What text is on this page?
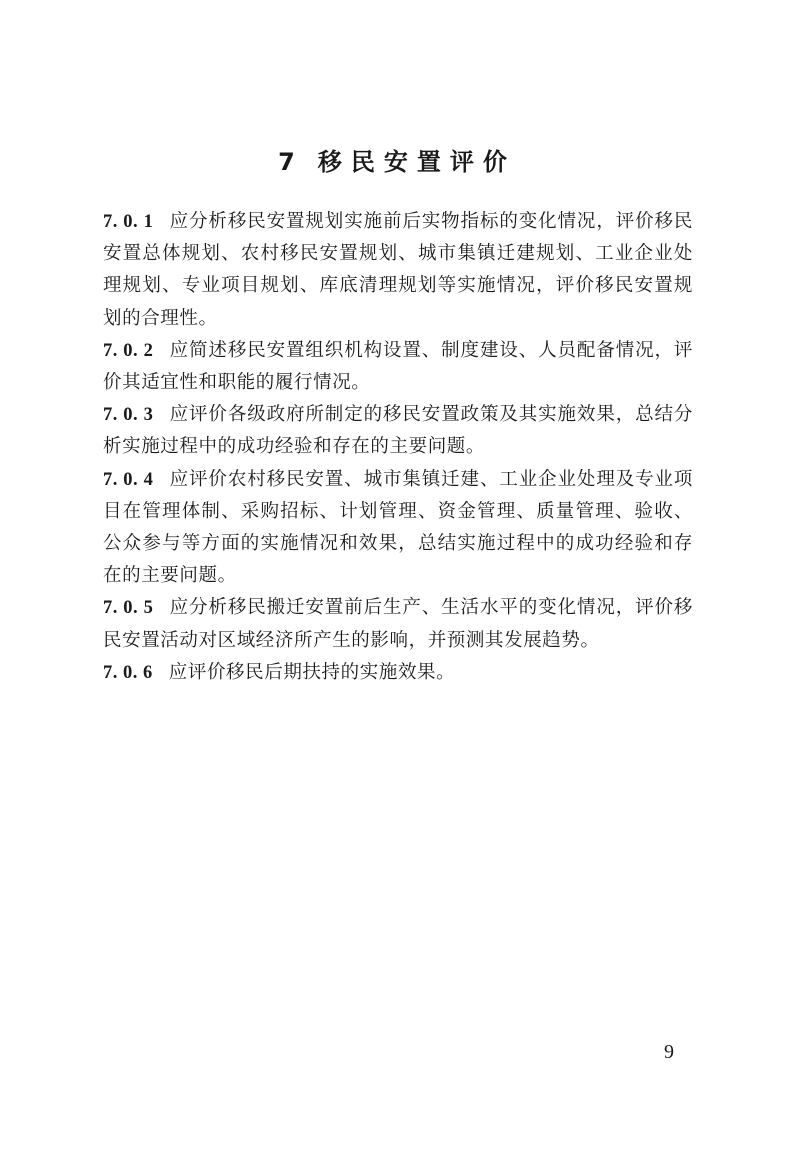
7 移民安置评价

7. 0. 1 应分析移民安置规划实施前后实物指标的变化情况，评价移民安置总体规划、农村移民安置规划、城市集镇迁建规划、工业企业处理规划、专业项目规划、库底清理规划等实施情况，评价移民安置规划的合理性。

7. 0. 2 应简述移民安置组织机构设置、制度建设、人员配备情况，评价其适宜性和职能的履行情况。

7. 0. 3 应评价各级政府所制定的移民安置政策及其实施效果，总结分析实施过程中的成功经验和存在的主要问题。

7. 0. 4 应评价农村移民安置、城市集镇迁建、工业企业处理及专业项目在管理体制、采购招标、计划管理、资金管理、质量管理、验收、公众参与等方面的实施情况和效果，总结实施过程中的成功经验和存在的主要问题。

7. 0. 5 应分析移民搬迁安置前后生产、生活水平的变化情况，评价移民安置活动对区域经济所产生的影响，并预测其发展趋势。

7. 0. 6 应评价移民后期扶持的实施效果。

9
